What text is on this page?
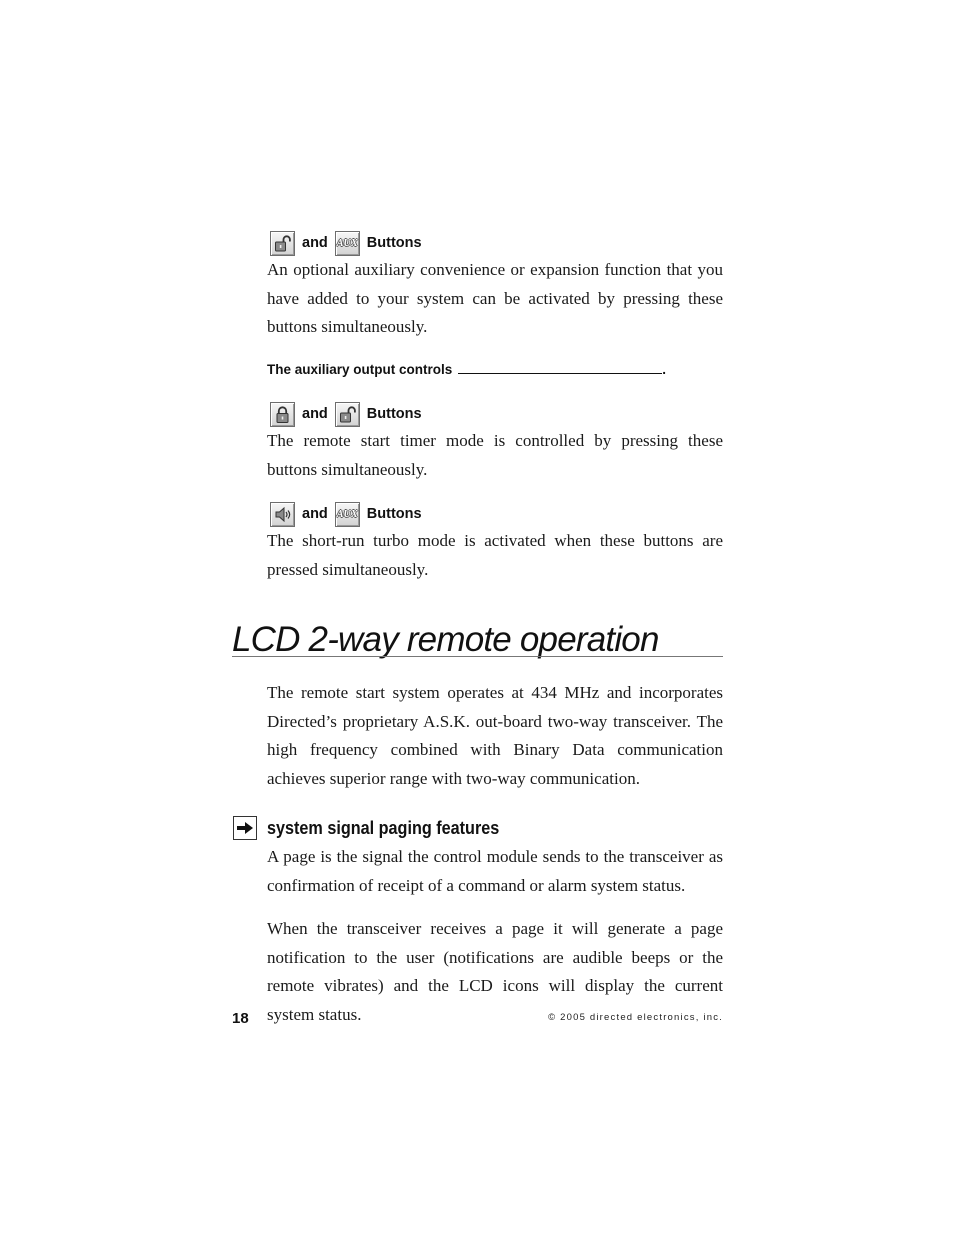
and AUX Buttons

An optional auxiliary convenience or expansion function that you have added to your system can be activated by pressing these buttons simultaneously.

The auxiliary output controls	.
and	Buttons

The remote start timer mode is controlled by pressing these buttons simultaneously.

and AUX Buttons

The short-run turbo mode is activated when these buttons are pressed simultaneously.

LCD 2-way remote operation

The remote start system operates at 434 MHz and incorporates Directed’s proprietary A.S.K. out-board two-way transceiver. The high frequency combined with Binary Data communication achieves superior range with two-way communication.

system signal paging features

A page is the signal the control module sends to the transceiver as confirmation of receipt of a command or alarm system status.

When the transceiver receives a page it will generate a page notification to the user (notifications are audible beeps or the remote vibrates) and the LCD icons will display the current system status.

18	© 2005 directed electronics, inc.
